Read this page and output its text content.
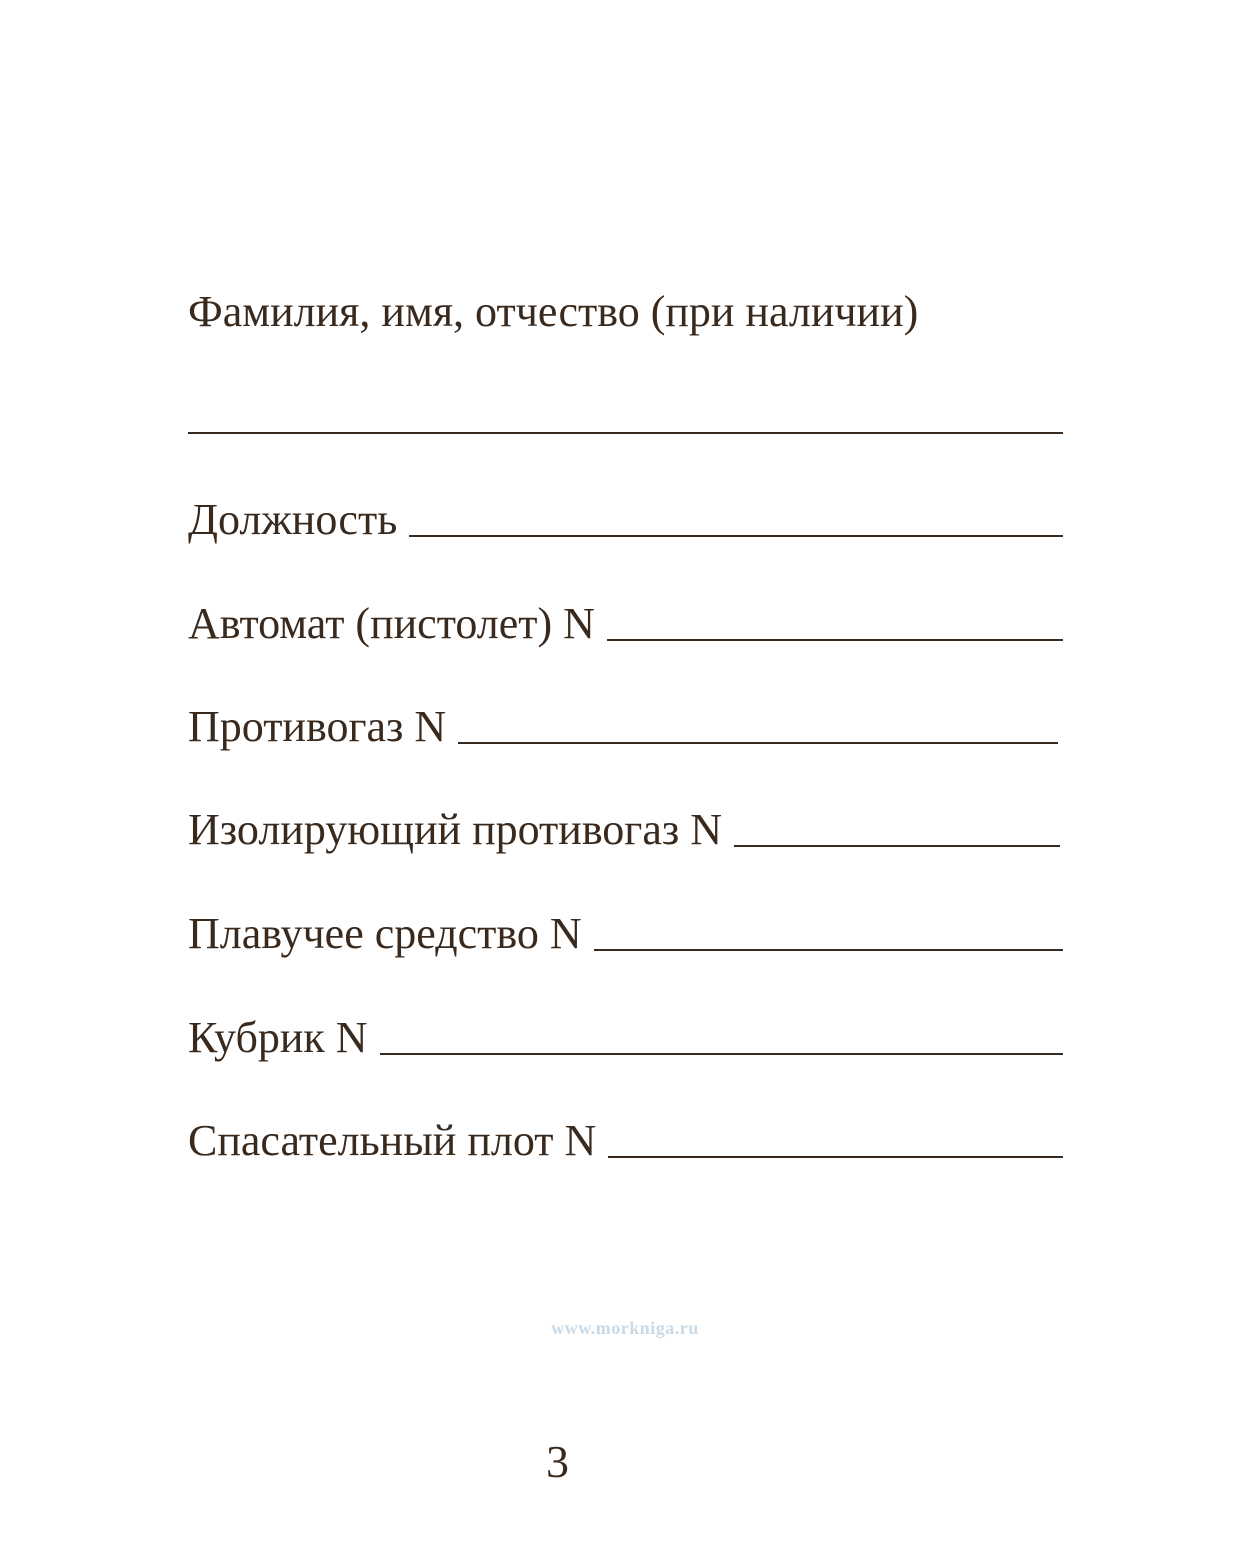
Фамилия, имя, отчество (при наличии)
Должность
Автомат (пистолет) N
Противогаз N
Изолирующий противогаз N
Плавучее средство N
Кубрик N
Спасательный плот N
www.morkniga.ru
3
